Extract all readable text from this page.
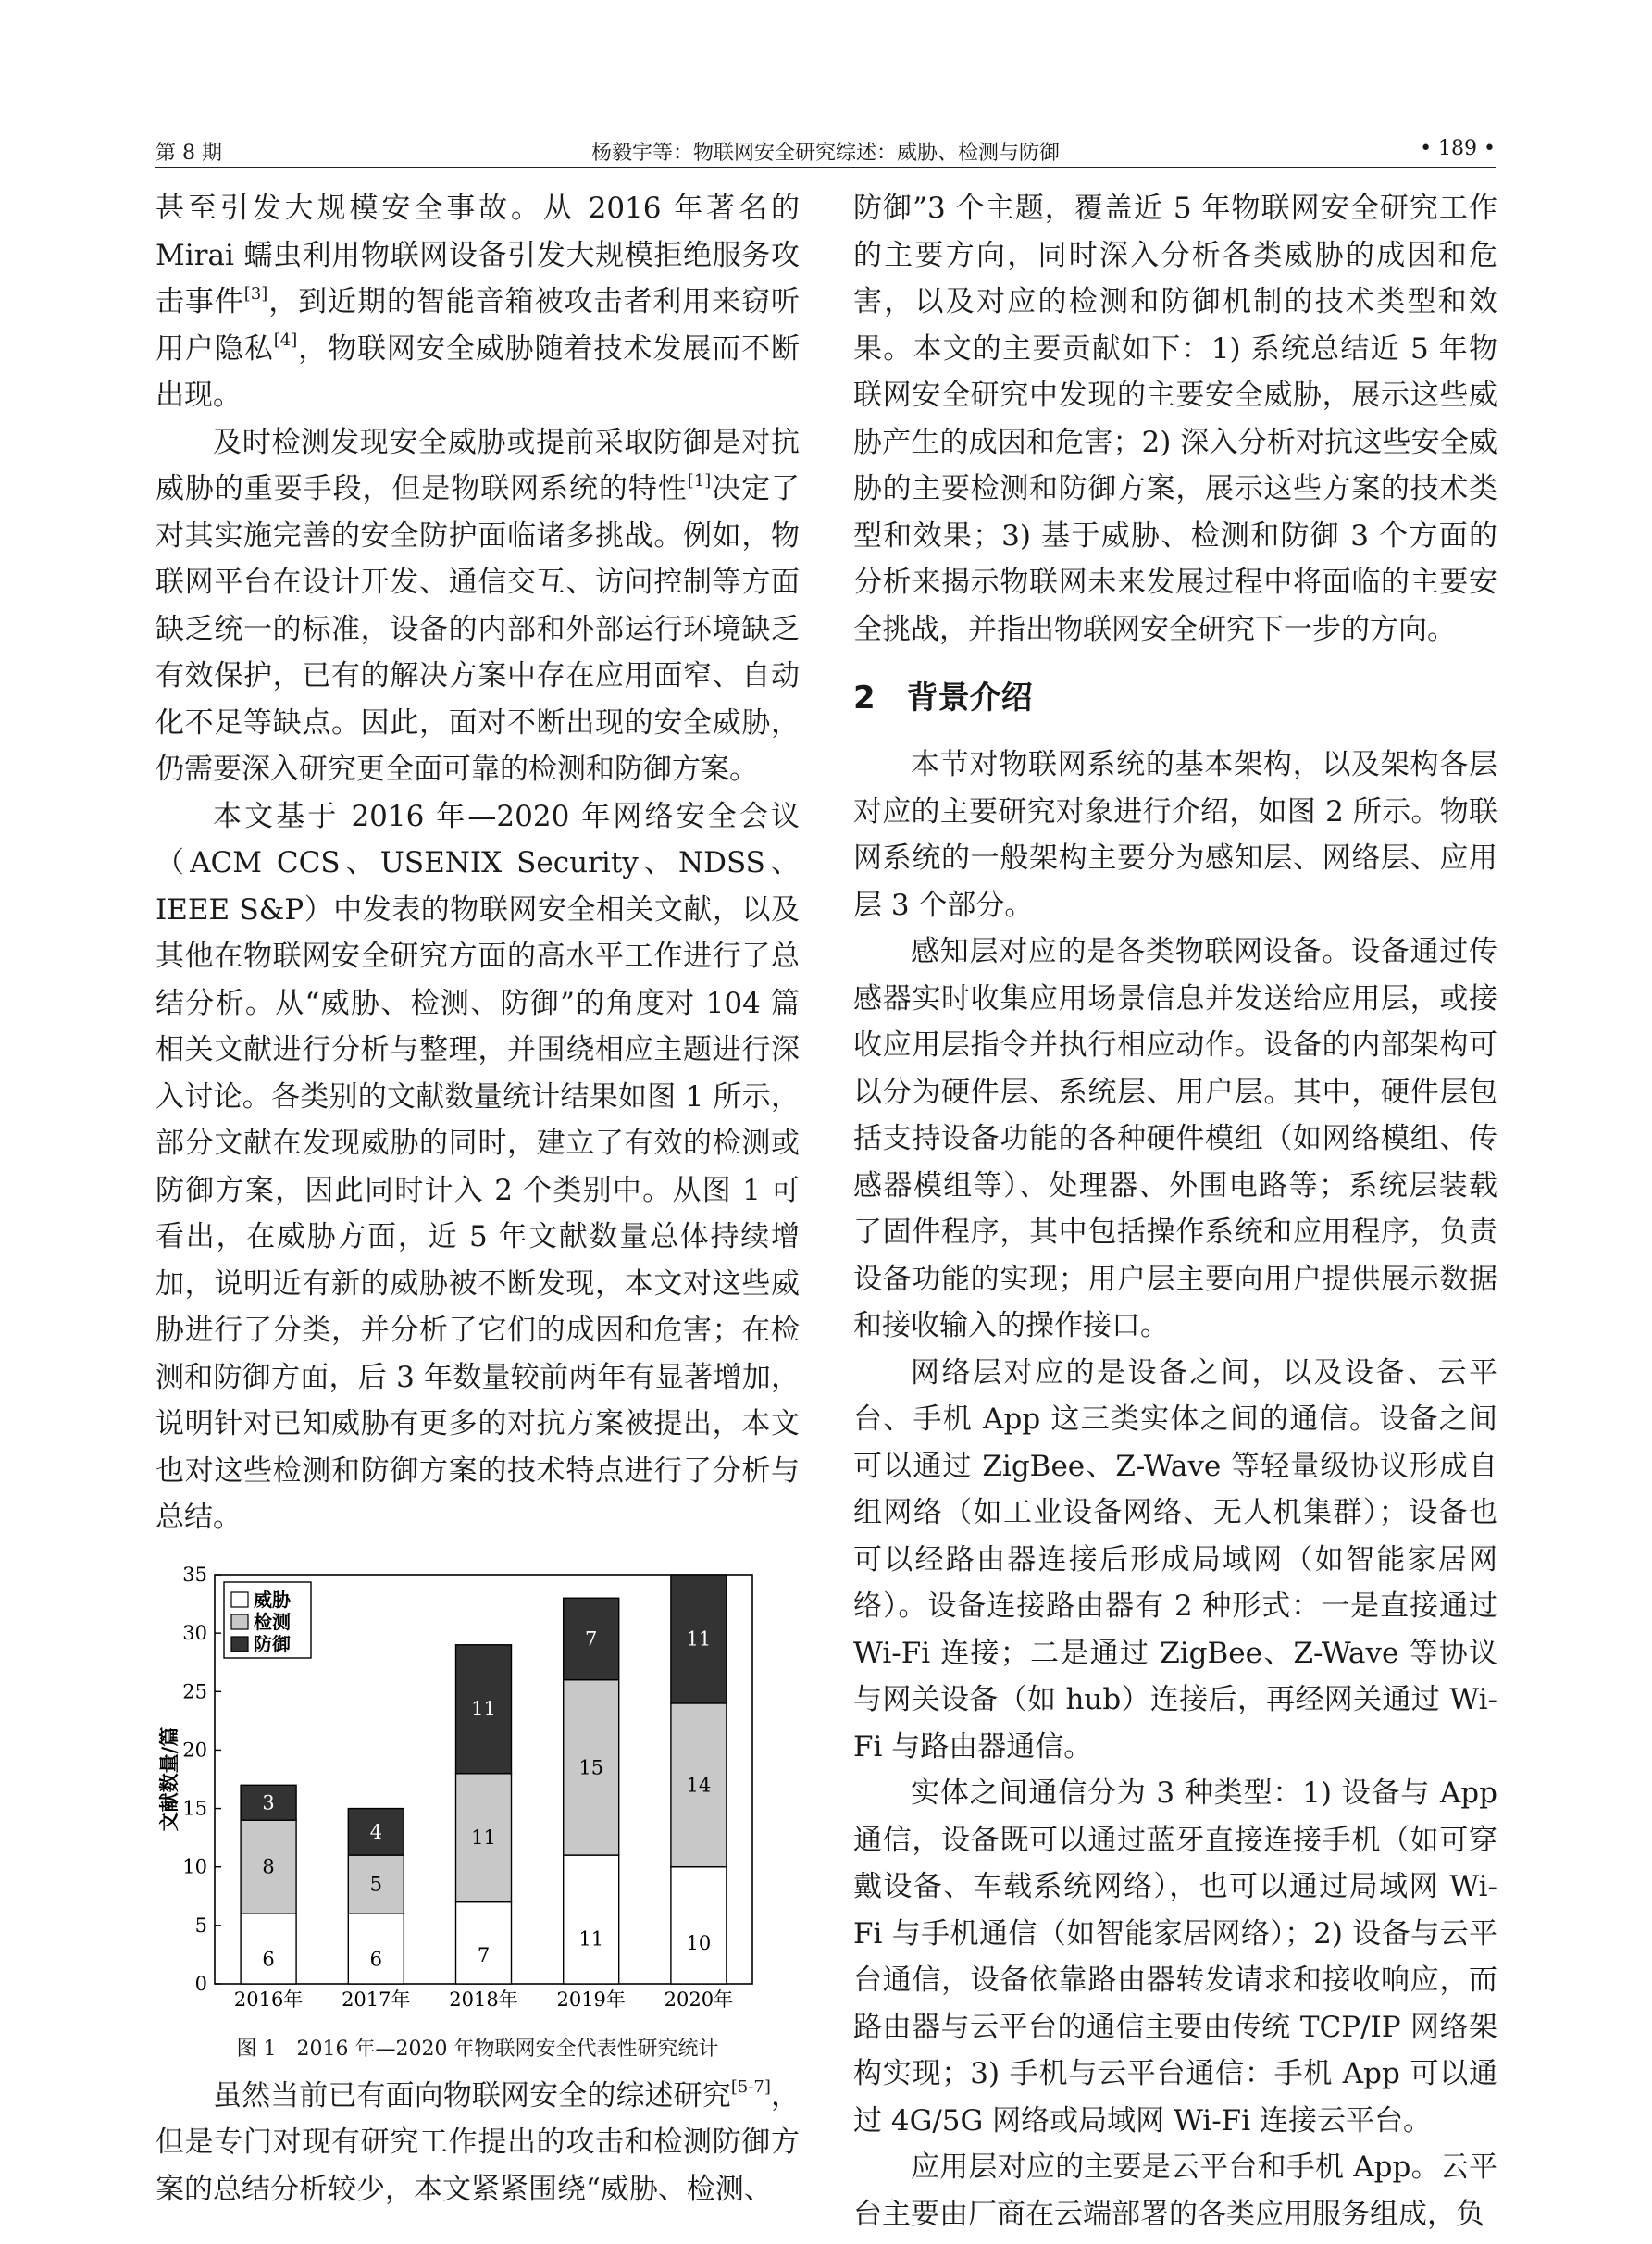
第 8 期	杨毅宇等：物联网安全研究综述：威胁、检测与防御	• 189 •

甚至引发大规模安全事故。从 2016 年著名的 Mirai 蠕虫利用物联网设备引发大规模拒绝服务攻击事件[3]，到近期的智能音箱被攻击者利用来窃听用户隐私[4]，物联网安全威胁随着技术发展而不断出现。

及时检测发现安全威胁或提前采取防御是对抗威胁的重要手段，但是物联网系统的特性[1]决定了对其实施完善的安全防护面临诸多挑战。例如，物联网平台在设计开发、通信交互、访问控制等方面缺乏统一的标准，设备的内部和外部运行环境缺乏有效保护，已有的解决方案中存在应用面窄、自动化不足等缺点。因此，面对不断出现的安全威胁，仍需要深入研究更全面可靠的检测和防御方案。

本文基于 2016 年—2020 年网络安全会议（ACM CCS、USENIX Security、NDSS、IEEE S&P）中发表的物联网安全相关文献，以及其他在物联网安全研究方面的高水平工作进行了总结分析。从“威胁、检测、防御”的角度对 104 篇相关文献进行分析与整理，并围绕相应主题进行深入讨论。各类别的文献数量统计结果如图 1 所示，部分文献在发现威胁的同时，建立了有效的检测或防御方案，因此同时计入 2 个类别中。从图 1 可看出，在威胁方面，近 5 年文献数量总体持续增加，说明近有新的威胁被不断发现，本文对这些威胁进行了分类，并分析了它们的成因和危害；在检测和防御方面，后 3 年数量较前两年有显著增加，说明针对已知威胁有更多的对抗方案被提出，本文也对这些检测和防御方案的技术特点进行了分析与总结。

0
5
10
15
20
25
30
35
文献数量/篇
6
8
3
2016年
6
5
4
2017年
7
11
11
2018年
11
15
7
2019年
10
14
11
2020年
威胁
检测
防御
图 1　2016 年—2020 年物联网安全代表性研究统计

虽然当前已有面向物联网安全的综述研究[5-7]，但是专门对现有研究工作提出的攻击和检测防御方案的总结分析较少，本文紧紧围绕“威胁、检测、

防御”3 个主题，覆盖近 5 年物联网安全研究工作的主要方向，同时深入分析各类威胁的成因和危害，以及对应的检测和防御机制的技术类型和效果。本文的主要贡献如下：1) 系统总结近 5 年物联网安全研究中发现的主要安全威胁，展示这些威胁产生的成因和危害；2) 深入分析对抗这些安全威胁的主要检测和防御方案，展示这些方案的技术类型和效果；3) 基于威胁、检测和防御 3 个方面的分析来揭示物联网未来发展过程中将面临的主要安全挑战，并指出物联网安全研究下一步的方向。

2 背景介绍

本节对物联网系统的基本架构，以及架构各层对应的主要研究对象进行介绍，如图 2 所示。物联网系统的一般架构主要分为感知层、网络层、应用层 3 个部分。

感知层对应的是各类物联网设备。设备通过传感器实时收集应用场景信息并发送给应用层，或接收应用层指令并执行相应动作。设备的内部架构可以分为硬件层、系统层、用户层。其中，硬件层包括支持设备功能的各种硬件模组（如网络模组、传感器模组等）、处理器、外围电路等；系统层装载了固件程序，其中包括操作系统和应用程序，负责设备功能的实现；用户层主要向用户提供展示数据和接收输入的操作接口。

网络层对应的是设备之间，以及设备、云平台、手机 App 这三类实体之间的通信。设备之间可以通过 ZigBee、Z-Wave 等轻量级协议形成自组网络（如工业设备网络、无人机集群）；设备也可以经路由器连接后形成局域网（如智能家居网络）。设备连接路由器有 2 种形式：一是直接通过 Wi-Fi 连接；二是通过 ZigBee、Z-Wave 等协议与网关设备（如 hub）连接后，再经网关通过 Wi-Fi 与路由器通信。

实体之间通信分为 3 种类型：1) 设备与 App 通信，设备既可以通过蓝牙直接连接手机（如可穿戴设备、车载系统网络），也可以通过局域网 Wi-Fi 与手机通信（如智能家居网络）；2) 设备与云平台通信，设备依靠路由器转发请求和接收响应，而路由器与云平台的通信主要由传统 TCP/IP 网络架构实现；3) 手机与云平台通信：手机 App 可以通过 4G/5G 网络或局域网 Wi-Fi 连接云平台。

应用层对应的主要是云平台和手机 App。云平台主要由厂商在云端部署的各类应用服务组成，负
